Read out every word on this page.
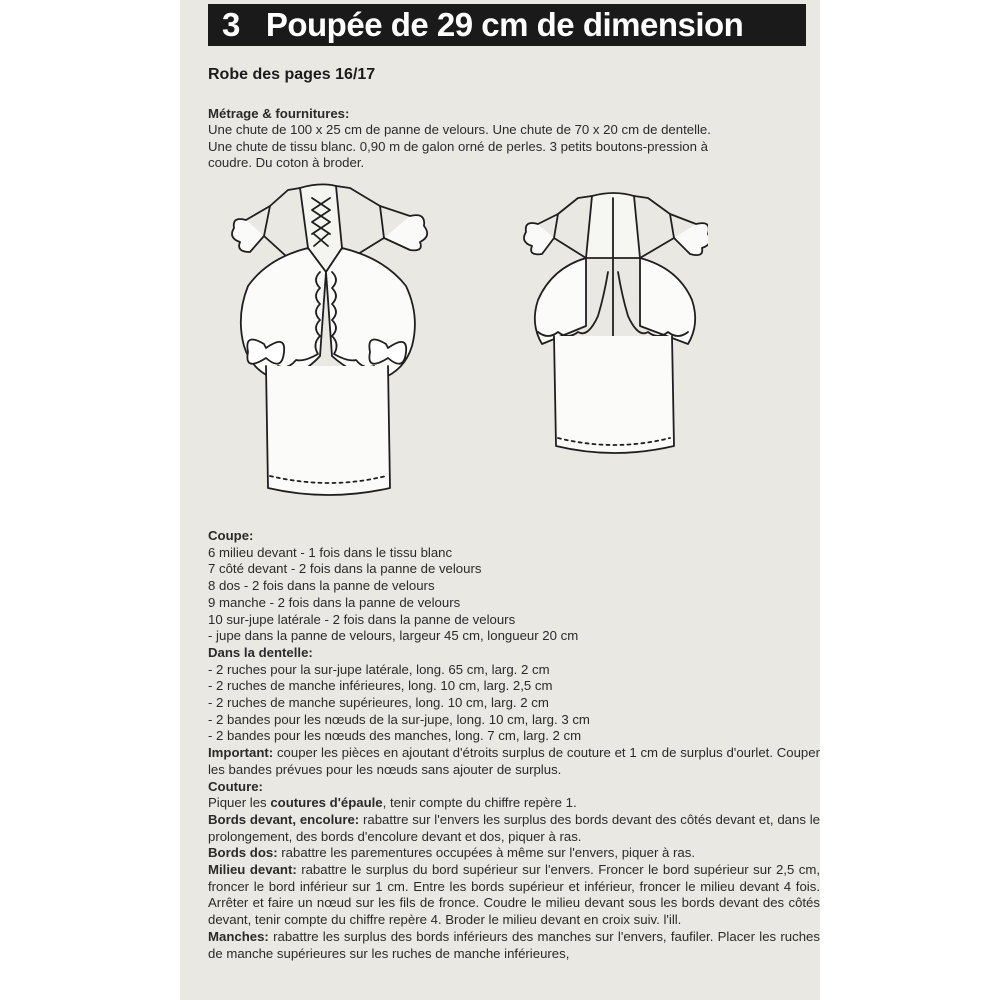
3 Poupée de 29 cm de dimension
Robe des pages 16/17
Métrage & fournitures:
Une chute de 100 x 25 cm de panne de velours. Une chute de 70 x 20 cm de dentelle.
Une chute de tissu blanc. 0,90 m de galon orné de perles. 3 petits boutons-pression à
coudre. Du coton à broder.
Coupe:
6 milieu devant - 1 fois dans le tissu blanc
7 côté devant - 2 fois dans la panne de velours
8 dos - 2 fois dans la panne de velours
9 manche - 2 fois dans la panne de velours
10 sur-jupe latérale - 2 fois dans la panne de velours
- jupe dans la panne de velours, largeur 45 cm, longueur 20 cm
Dans la dentelle:
- 2 ruches pour la sur-jupe latérale, long. 65 cm, larg. 2 cm
- 2 ruches de manche inférieures, long. 10 cm, larg. 2,5 cm
- 2 ruches de manche supérieures, long. 10 cm, larg. 2 cm
- 2 bandes pour les nœuds de la sur-jupe, long. 10 cm, larg. 3 cm
- 2 bandes pour les nœuds des manches, long. 7 cm, larg. 2 cm

Important: couper les pièces en ajoutant d'étroits surplus de couture et 1 cm de surplus d'ourlet. Couper les bandes prévues pour les nœuds sans ajouter de surplus.

Couture:

Piquer les coutures d'épaule, tenir compte du chiffre repère 1.

Bords devant, encolure: rabattre sur l'envers les surplus des bords devant des côtés devant et, dans le prolongement, des bords d'encolure devant et dos, piquer à ras.

Bords dos: rabattre les parementures occupées à même sur l'envers, piquer à ras.

Milieu devant: rabattre le surplus du bord supérieur sur l'envers. Froncer le bord supérieur sur 2,5 cm, froncer le bord inférieur sur 1 cm. Entre les bords supérieur et inférieur, froncer le milieu devant 4 fois. Arrêter et faire un nœud sur les fils de fronce. Coudre le milieu devant sous les bords devant des côtés devant, tenir compte du chiffre repère 4. Broder le milieu devant en croix suiv. l'ill.

Manches: rabattre les surplus des bords inférieurs des manches sur l'envers, faufiler. Placer les ruches de manche supérieures sur les ruches de manche inférieures,
